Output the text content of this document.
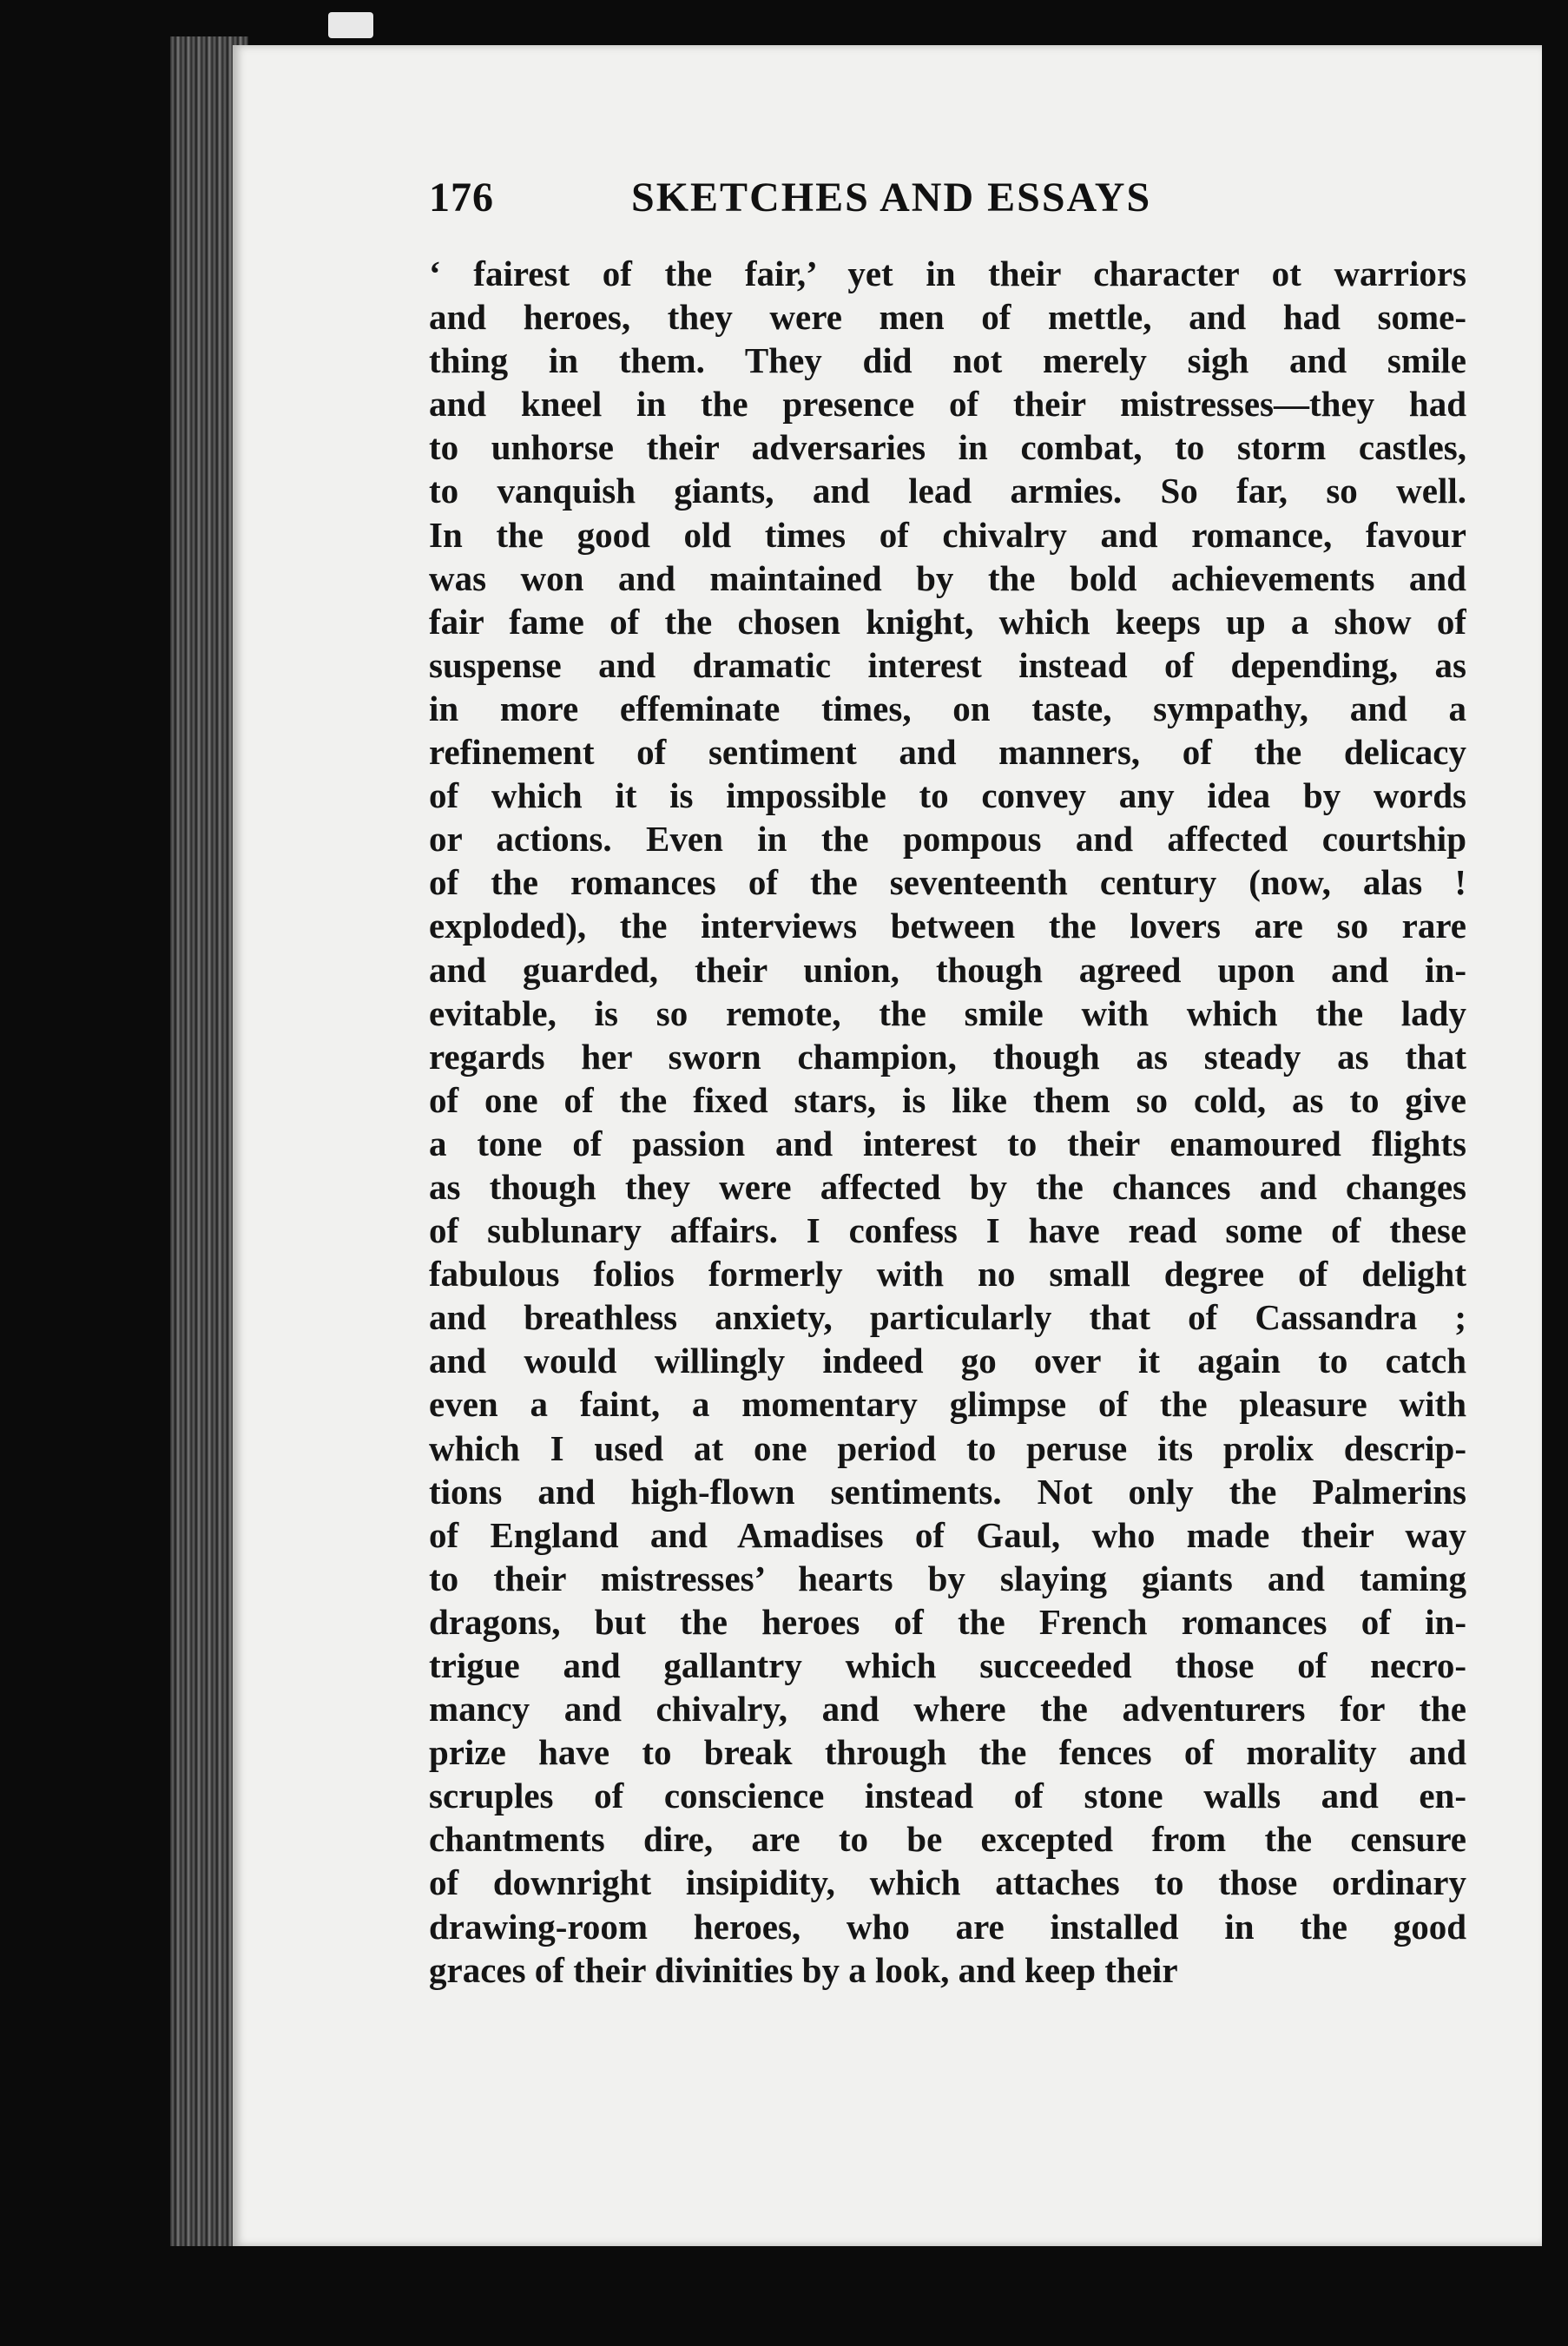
176	SKETCHES AND ESSAYS
‘ fairest of the fair,’ yet in their character ot warriors
and heroes, they were men of mettle, and had some-
thing in them. They did not merely sigh and smile
and kneel in the presence of their mistresses—they had
to unhorse their adversaries in combat, to storm castles,
to vanquish giants, and lead armies. So far, so well.
In the good old times of chivalry and romance, favour
was won and maintained by the bold achievements and
fair fame of the chosen knight, which keeps up a show of
suspense and dramatic interest instead of depending, as
in more effeminate times, on taste, sympathy, and a
refinement of sentiment and manners, of the delicacy
of which it is impossible to convey any idea by words
or actions. Even in the pompous and affected courtship
of the romances of the seventeenth century (now, alas !
exploded), the interviews between the lovers are so rare
and guarded, their union, though agreed upon and in-
evitable, is so remote, the smile with which the lady
regards her sworn champion, though as steady as that
of one of the fixed stars, is like them so cold, as to give
a tone of passion and interest to their enamoured flights
as though they were affected by the chances and changes
of sublunary affairs. I confess I have read some of these
fabulous folios formerly with no small degree of delight
and breathless anxiety, particularly that of Cassandra ;
and would willingly indeed go over it again to catch
even a faint, a momentary glimpse of the pleasure with
which I used at one period to peruse its prolix descrip-
tions and high-flown sentiments. Not only the Palmerins
of England and Amadises of Gaul, who made their way
to their mistresses’ hearts by slaying giants and taming
dragons, but the heroes of the French romances of in-
trigue and gallantry which succeeded those of necro-
mancy and chivalry, and where the adventurers for the
prize have to break through the fences of morality and
scruples of conscience instead of stone walls and en-
chantments dire, are to be excepted from the censure
of downright insipidity, which attaches to those ordinary
drawing-room heroes, who are installed in the good
graces of their divinities by a look, and keep their
